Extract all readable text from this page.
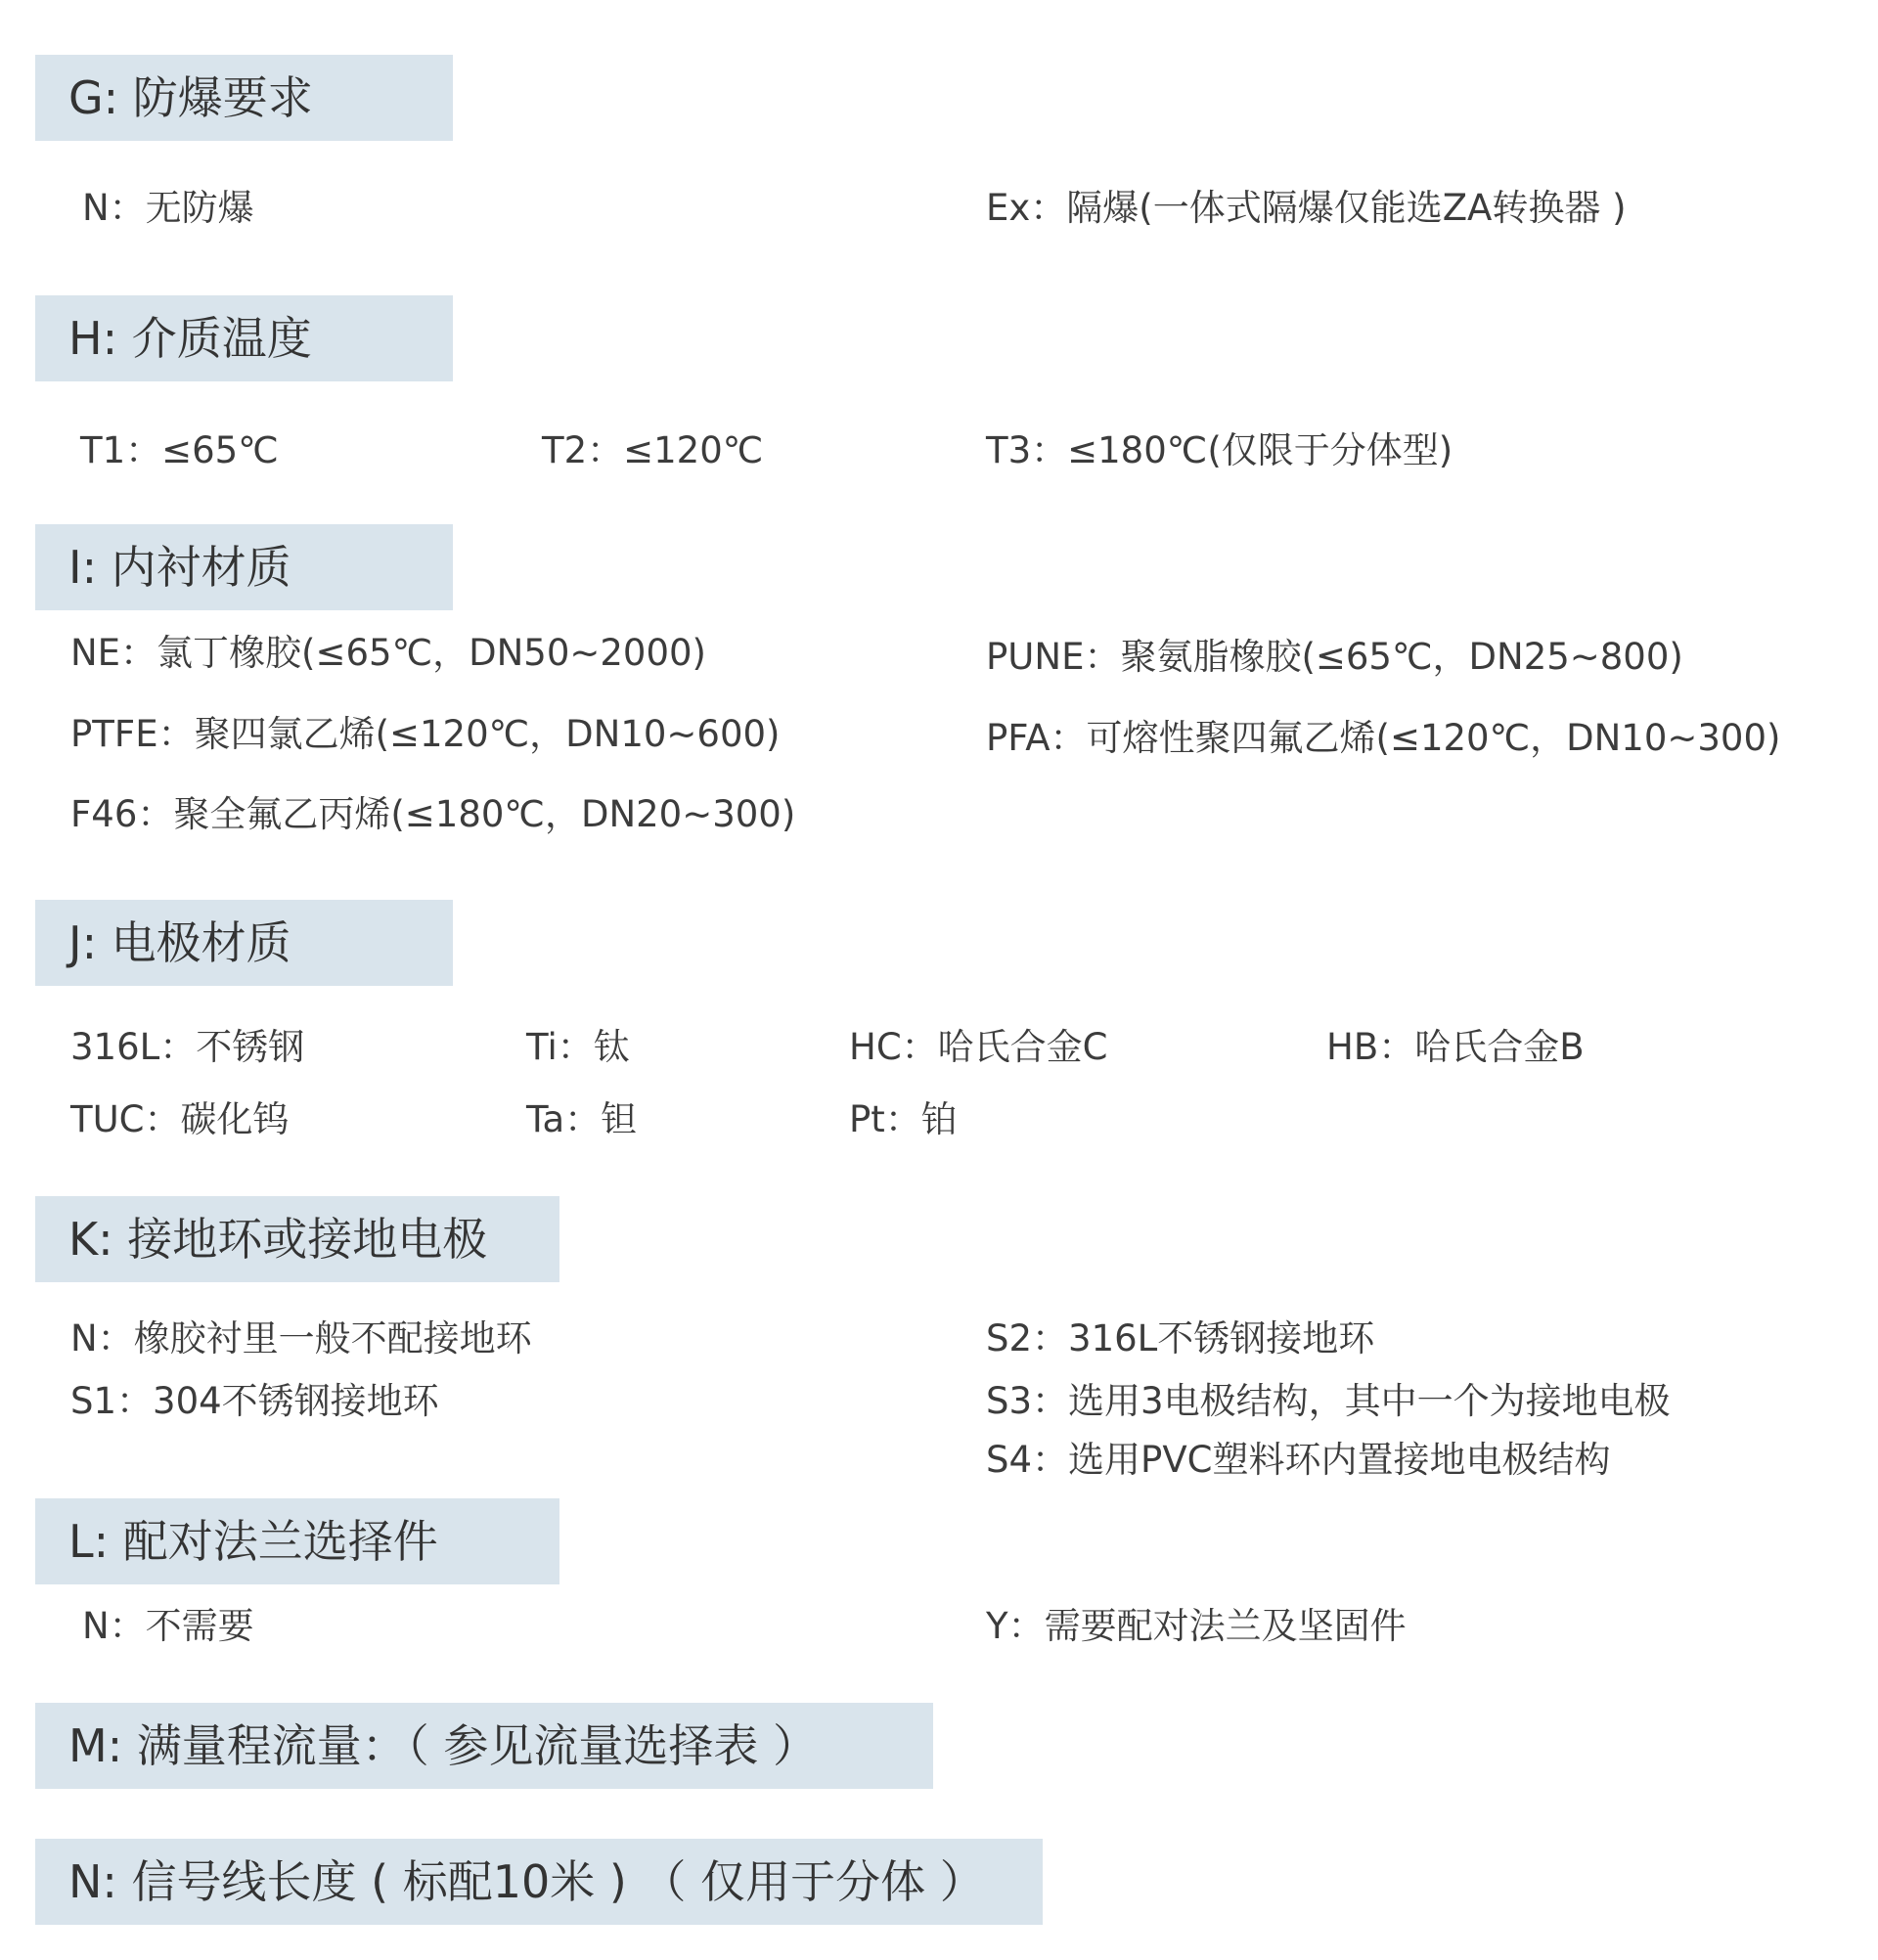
G: 防爆要求
N：无防爆	Ex：隔爆(一体式隔爆仅能选ZA转换器 )
H: 介质温度
T1：≤65℃	T2：≤120℃	T3：≤180℃(仅限于分体型)
I: 内衬材质
NE：氯丁橡胶(≤65℃，DN50~2000)	PUNE：聚氨脂橡胶(≤65℃，DN25~800)
PTFE：聚四氯乙烯(≤120℃，DN10~600)	PFA：可熔性聚四氟乙烯(≤120℃，DN10~300)
F46：聚全氟乙丙烯(≤180℃，DN20~300)
J: 电极材质
316L：不锈钢	Ti：钛	HC：哈氏合金C	HB：哈氏合金B
TUC：碳化钨	Ta：钽	Pt：铂
K: 接地环或接地电极
N：橡胶衬里一般不配接地环	S2：316L不锈钢接地环
S1：304不锈钢接地环	S3：选用3电极结构，其中一个为接地电极
S4：选用PVC塑料环内置接地电极结构
L: 配对法兰选择件
N：不需要	Y：需要配对法兰及坚固件
M: 满量程流量：（ 参见流量选择表 ）
N: 信号线长度 ( 标配10米 ) （ 仅用于分体 ）
